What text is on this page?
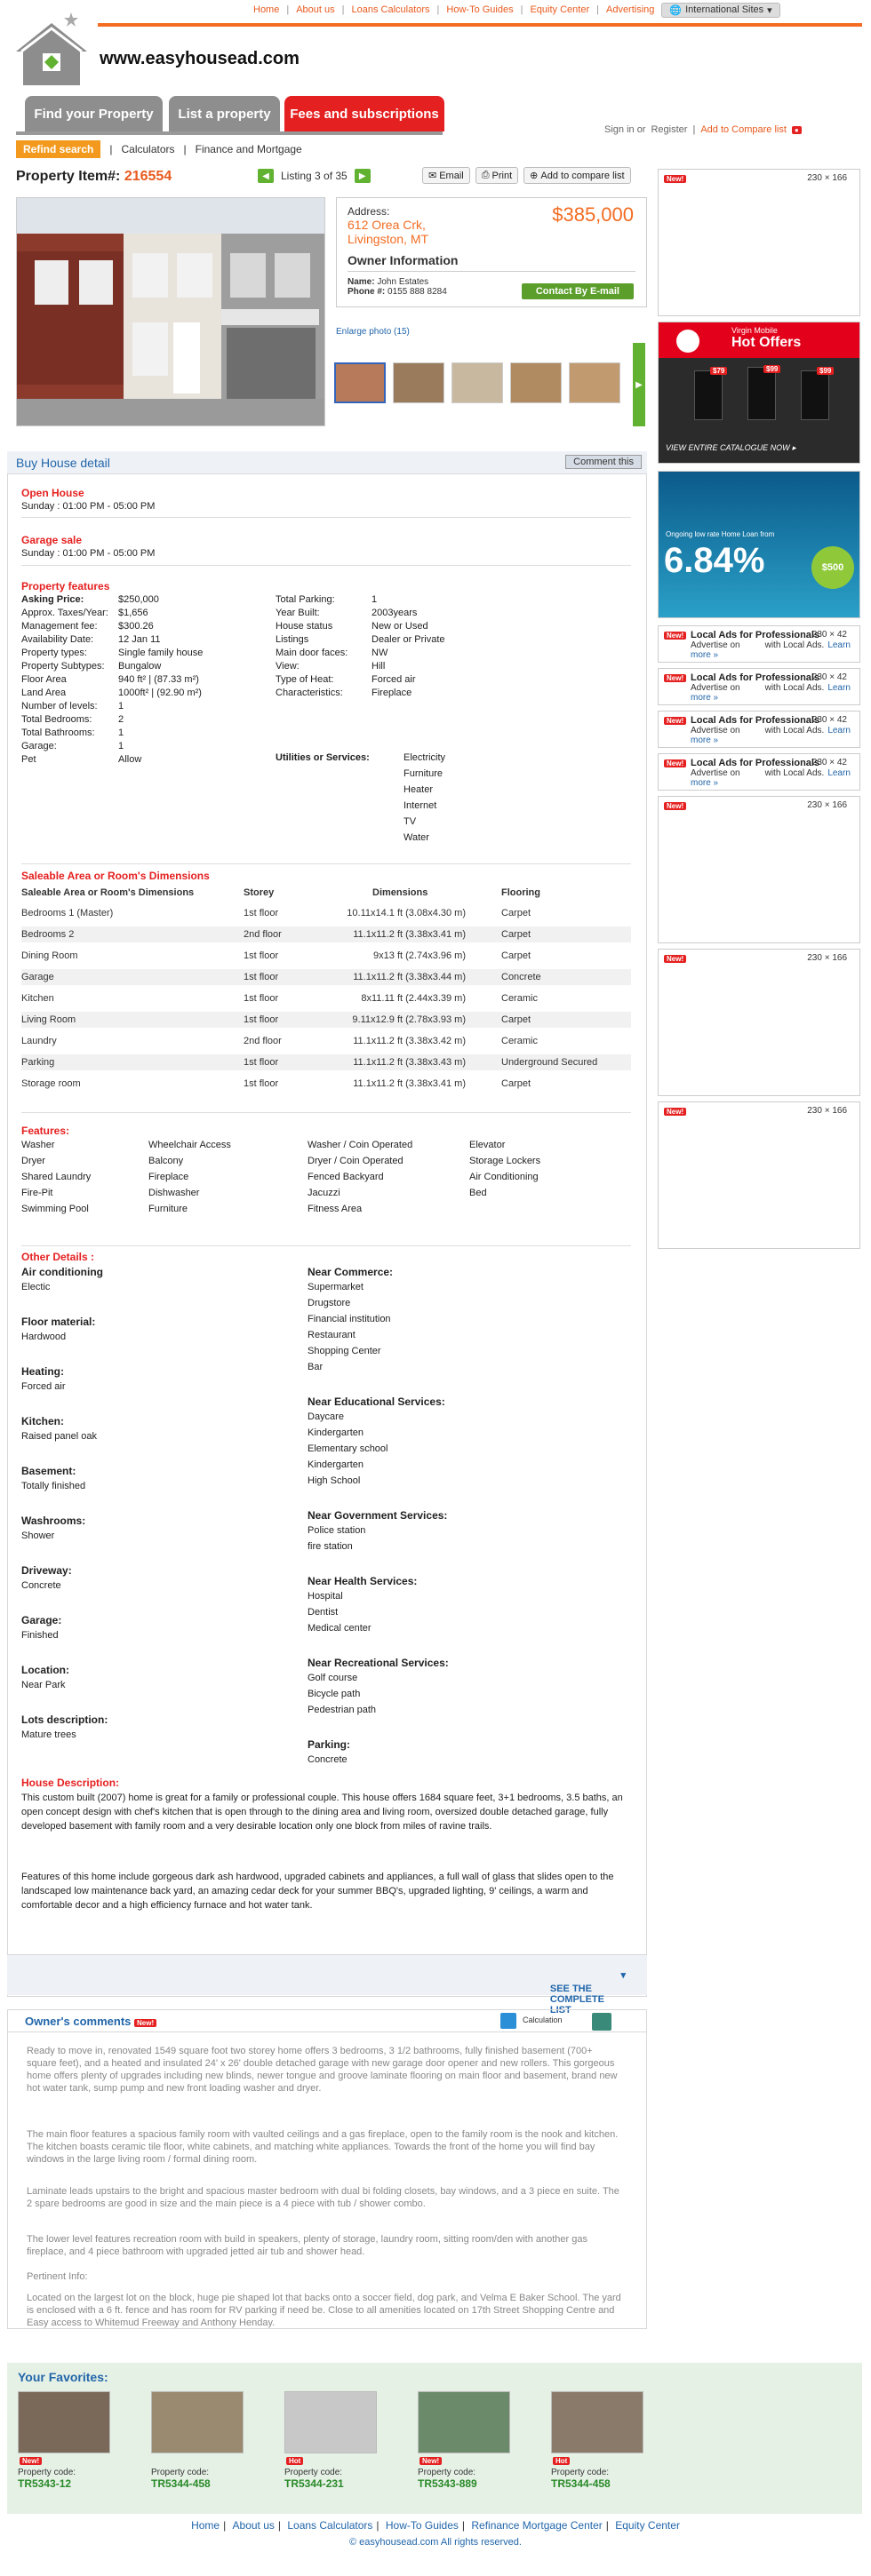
Home | About us | Loans Calculators | How-To Guides | Equity Center | Advertising 🌐 International Sites ▾
www.easyhousead.com
Find your Property	List a property	Fees and subscriptions
Refind search	| Calculators | Finance and Mortgage
Sign in or Register | Add to Compare list	●
Property Item#: 216554	◀	Listing 3 of 35	▶	✉ Email ⎙ Print ⊕ Add to compare list
Address:
612 Orea Crk,
Livingston, MT
$385,000
Owner Information
Name: John Estates
Phone #: 0155 888 8284	Contact By E-mail
Enlarge photo (15)
▶
Buy House detail	Comment this
Open House
Sunday : 01:00 PM - 05:00 PM
Garage sale
Sunday : 01:00 PM - 05:00 PM
Property features
Asking Price:	$250,000
Approx. Taxes/Year: $1,656
Management fee: $300.26
Availability Date:	12 Jan 11
Property types:	Single family house
Property Subtypes: Bungalow
Floor Area	940 ft² | (87.33 m²)
Land Area	1000ft² | (92.90 m²)
Number of levels: 1
Total Bedrooms:	2
Total Bathrooms: 1
Garage:	1
Pet	Allow
Total Parking:	1
Year Built:	2003years
House status	New or Used
Listings	Dealer or Private
Main door faces: NW
View:	Hill
Type of Heat:	Forced air
Characteristics:	Fireplace
Utilities or Services:	Electricity
Furniture
Heater
Internet
TV
Water
Saleable Area or Room's Dimensions
Saleable Area or Room's Dimensions	Storey	Dimensions	Flooring
Bedrooms 1 (Master)	1st floor	10.11x14.1 ft (3.08x4.30 m)	Carpet
Bedrooms 2	2nd floor	11.1x11.2 ft (3.38x3.41 m)	Carpet
Dining Room	1st floor	9x13 ft (2.74x3.96 m)	Carpet
Garage	1st floor	11.1x11.2 ft (3.38x3.44 m)	Concrete
Kitchen	1st floor	8x11.11 ft (2.44x3.39 m)	Ceramic
Living Room	1st floor	9.11x12.9 ft (2.78x3.93 m)	Carpet
Laundry	2nd floor	11.1x11.2 ft (3.38x3.42 m)	Ceramic
Parking	1st floor	11.1x11.2 ft (3.38x3.43 m)	Underground Secured
Storage room	1st floor	11.1x11.2 ft (3.38x3.41 m)	Carpet
Features:
Washer
Dryer
Shared Laundry
Fire-Pit
Swimming Pool
Wheelchair Access
Balcony
Fireplace
Dishwasher
Furniture
Washer / Coin Operated
Dryer / Coin Operated
Fenced Backyard
Jacuzzi
Fitness Area
Elevator
Storage Lockers
Air Conditioning
Bed
Other Details :
Air conditioning
Electic
Floor material:
Hardwood
Heating:
Forced air
Kitchen:
Raised panel oak
Basement:
Totally finished
Washrooms:
Shower
Driveway:
Concrete
Garage:
Finished
Location:
Near Park
Lots description:
Mature trees
Near Commerce:
Supermarket
Drugstore
Financial institution
Restaurant
Shopping Center
Bar
Near Educational Services:
Daycare
Kindergarten
Elementary school
Kindergarten
High School
Near Government Services:
Police station
fire station
Near Health Services:
Hospital
Dentist
Medical center
Near Recreational Services:
Golf course
Bicycle path
Pedestrian path
Parking:
Concrete
House Description:
This custom built (2007) home is great for a family or professional couple. This house offers 1684 square feet, 3+1 bedrooms, 3.5 baths, an open concept design with chef's kitchen that is open through to the dining area and living room, oversized double detached garage, fully developed basement with family room and a very desirable location only one block from miles of ravine trails.
Features of this home include gorgeous dark ash hardwood, upgraded cabinets and appliances, a full wall of glass that slides open to the landscaped low maintenance back yard, an amazing cedar deck for your summer BBQ's, upgraded lighting, 9' ceilings, a warm and comfortable decor and a high efficiency furnace and hot water tank.
SEE THE COMPLETE LIST
▾
Owner's comments New!	Calculation
Ready to move in, renovated 1549 square foot two storey home offers 3 bedrooms, 3 1/2 bathrooms, fully finished basement (700+ square feet), and a heated and insulated 24' x 26' double detached garage with new garage door opener and new rollers. This gorgeous home offers plenty of upgrades including new blinds, newer tongue and groove laminate flooring on main floor and basement, brand new hot water tank, sump pump and new front loading washer and dryer.
The main floor features a spacious family room with vaulted ceilings and a gas fireplace, open to the family room is the nook and kitchen. The kitchen boasts ceramic tile floor, white cabinets, and matching white appliances. Towards the front of the home you will find bay windows in the large living room / formal dining room.
Laminate leads upstairs to the bright and spacious master bedroom with dual bi folding closets, bay windows, and a 3 piece en suite. The 2 spare bedrooms are good in size and the main piece is a 4 piece with tub / shower combo.
The lower level features recreation room with build in speakers, plenty of storage, laundry room, sitting room/den with another gas fireplace, and 4 piece bathroom with upgraded jetted air tub and shower head.
Pertinent Info:
Located on the largest lot on the block, huge pie shaped lot that backs onto a soccer field, dog park, and Velma E Baker School. The yard is enclosed with a 6 ft. fence and has room for RV parking if need be. Close to all amenities located on 17th Street Shopping Centre and Easy access to Whitemud Freeway and Anthony Henday.
Your Favorites:
New!
Property code:
TR5343-12
Property code:
TR5344-458
Hot
Property code:
TR5344-231
New!
Property code:
TR5343-889
Hot
Property code:
TR5344-458
Home | About us | Loans Calculators | How-To Guides | Refinance Mortgage Center | Equity Center
© easyhousead.com All rights reserved.
New!	230 × 166
Virgin Mobile
Hot Offers
$79	$99	$99
VIEW ENTIRE CATALOGUE NOW ▸
Ongoing low rate Home Loan from
6.84%	$500
New!	230 × 42
Local Ads for Professionals
Advertise on	with Local Ads. Learn more »
New!	230 × 42
Local Ads for Professionals
Advertise on	with Local Ads. Learn more »
New!	230 × 42
Local Ads for Professionals
Advertise on	with Local Ads. Learn more »
New!	230 × 42
Local Ads for Professionals
Advertise on	with Local Ads. Learn more »
New!	230 × 166
New!	230 × 166
New!	230 × 166
